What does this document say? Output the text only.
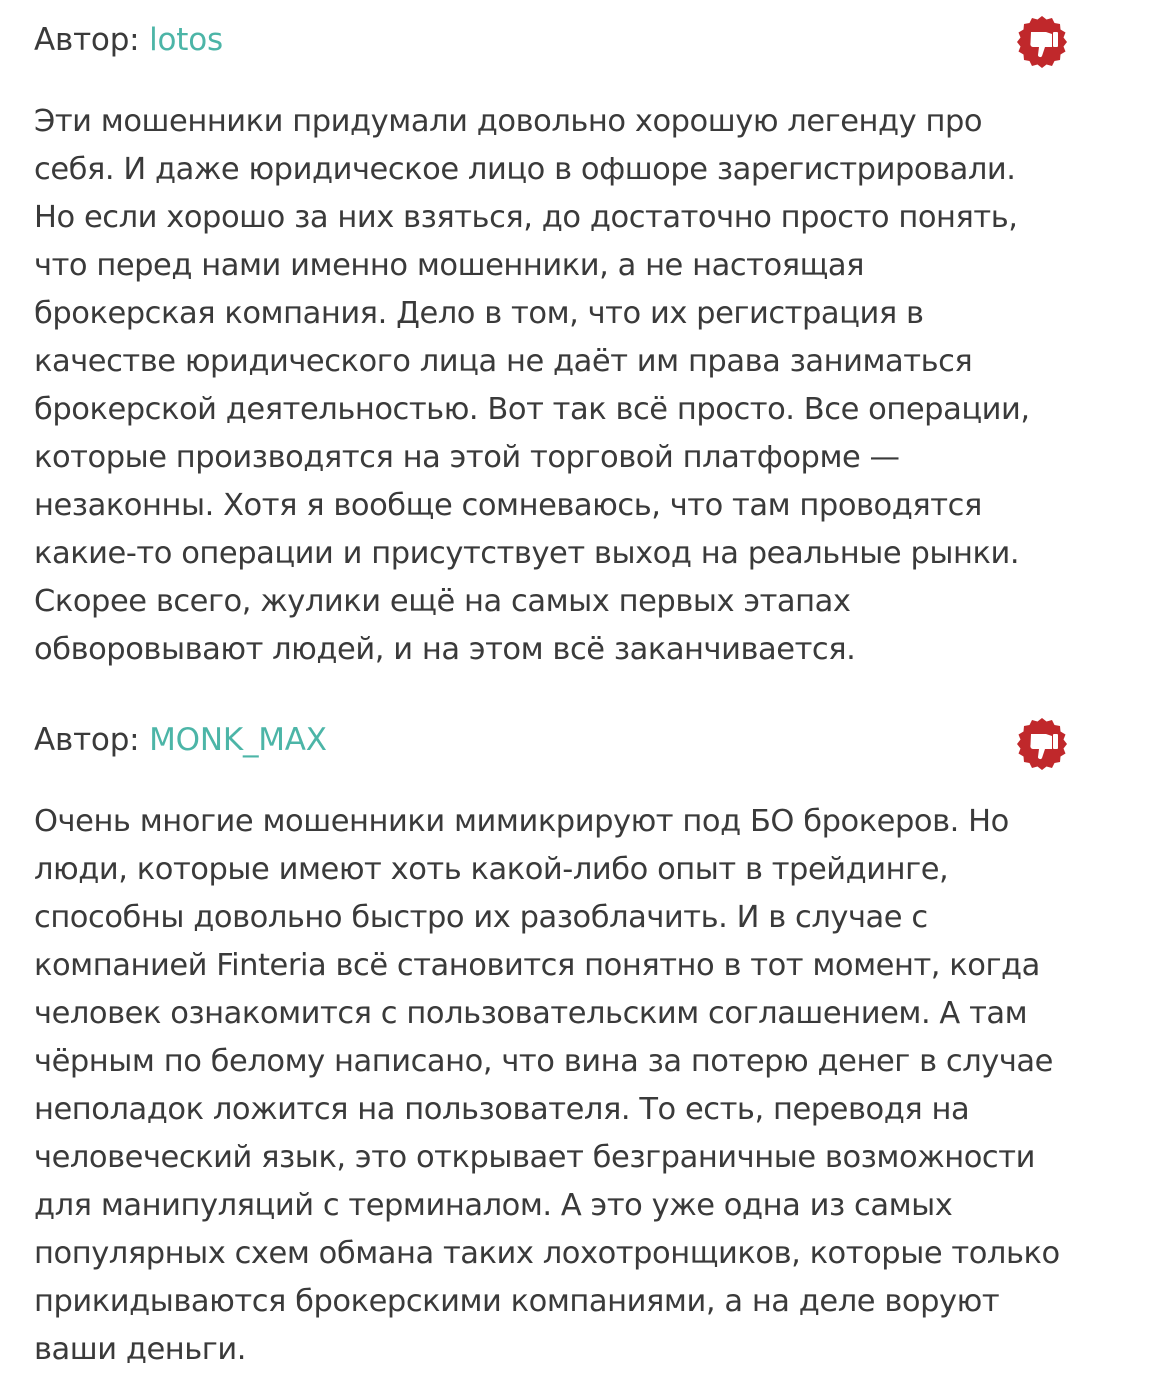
Автор: lotos

Эти мошенники придумали довольно хорошую легенду про
себя. И даже юридическое лицо в офшоре зарегистрировали.
Но если хорошо за них взяться, до достаточно просто понять,
что перед нами именно мошенники, а не настоящая
брокерская компания. Дело в том, что их регистрация в
качестве юридического лица не даёт им права заниматься
брокерской деятельностью. Вот так всё просто. Все операции,
которые производятся на этой торговой платформе —
незаконны. Хотя я вообще сомневаюсь, что там проводятся
какие-то операции и присутствует выход на реальные рынки.
Скорее всего, жулики ещё на самых первых этапах
обворовывают людей, и на этом всё заканчивается.

Автор: MONK_MAX

Очень многие мошенники мимикрируют под БО брокеров. Но
люди, которые имеют хоть какой-либо опыт в трейдинге,
способны довольно быстро их разоблачить. И в случае с
компанией Finteria всё становится понятно в тот момент, когда
человек ознакомится с пользовательским соглашением. А там
чёрным по белому написано, что вина за потерю денег в случае
неполадок ложится на пользователя. То есть, переводя на
человеческий язык, это открывает безграничные возможности
для манипуляций с терминалом. А это уже одна из самых
популярных схем обмана таких лохотронщиков, которые только
прикидываются брокерскими компаниями, а на деле воруют
ваши деньги.
